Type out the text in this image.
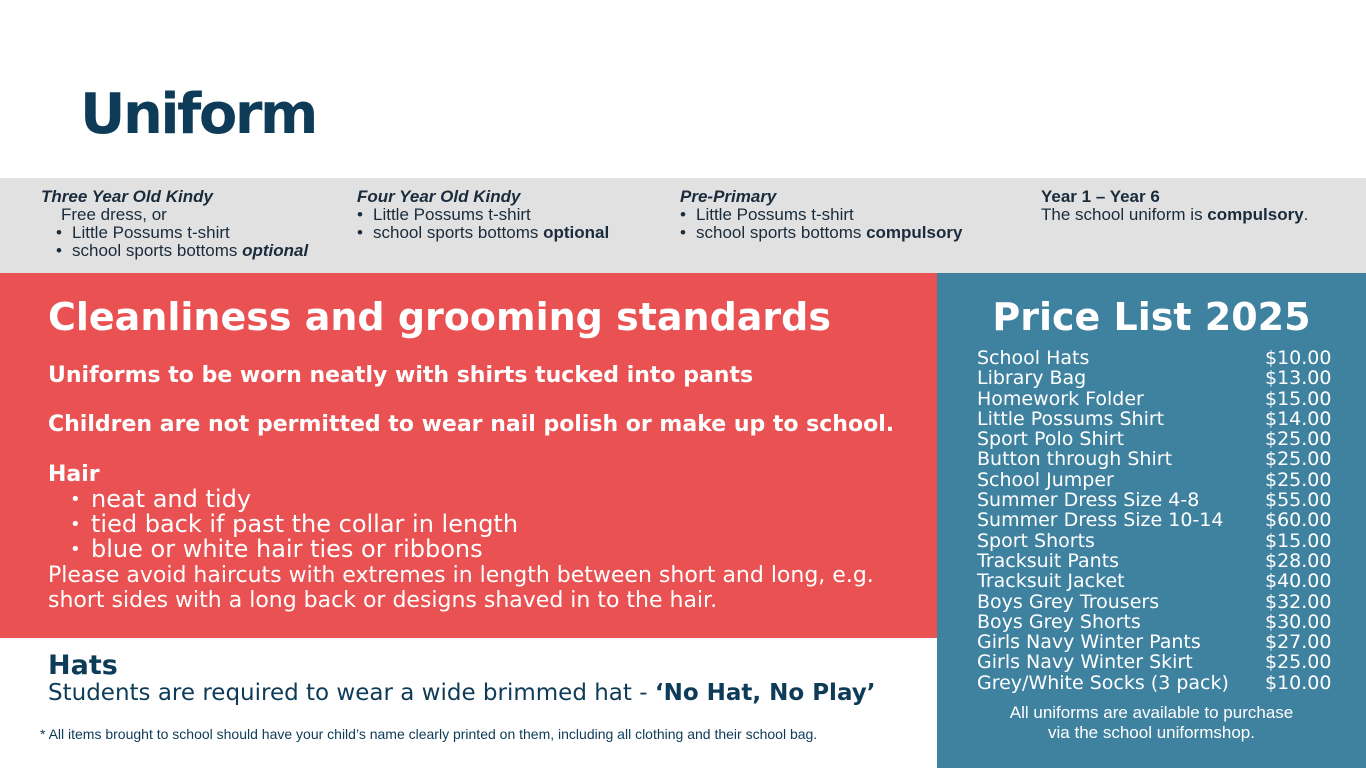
Uniform
Three Year Old Kindy
Free dress, or
• Little Possums t-shirt
• school sports bottoms optional
Four Year Old Kindy
• Little Possums t-shirt
• school sports bottoms optional
Pre-Primary
• Little Possums t-shirt
• school sports bottoms compulsory
Year 1 – Year 6
The school uniform is compulsory.
Cleanliness and grooming standards
Uniforms to be worn neatly with shirts tucked into pants
Children are not permitted to wear nail polish or make up to school.
Hair
• neat and tidy
• tied back if past the collar in length
• blue or white hair ties or ribbons
Please avoid haircuts with extremes in length between short and long, e.g. short sides with a long back or designs shaved in to the hair.
Hats
Students are required to wear a wide brimmed hat - ‘No Hat, No Play’
* All items brought to school should have your child’s name clearly printed on them, including all clothing and their school bag.
Price List 2025
School Hats	$10.00
Library Bag	$13.00
Homework Folder	$15.00
Little Possums Shirt	$14.00
Sport Polo Shirt	$25.00
Button through Shirt	$25.00
School Jumper	$25.00
Summer Dress Size 4-8	$55.00
Summer Dress Size 10-14 $60.00
Sport Shorts	$15.00
Tracksuit Pants	$28.00
Tracksuit Jacket	$40.00
Boys Grey Trousers	$32.00
Boys Grey Shorts	$30.00
Girls Navy Winter Pants	$27.00
Girls Navy Winter Skirt	$25.00
Grey/White Socks (3 pack) $10.00
All uniforms are available to purchase
via the school uniformshop.
